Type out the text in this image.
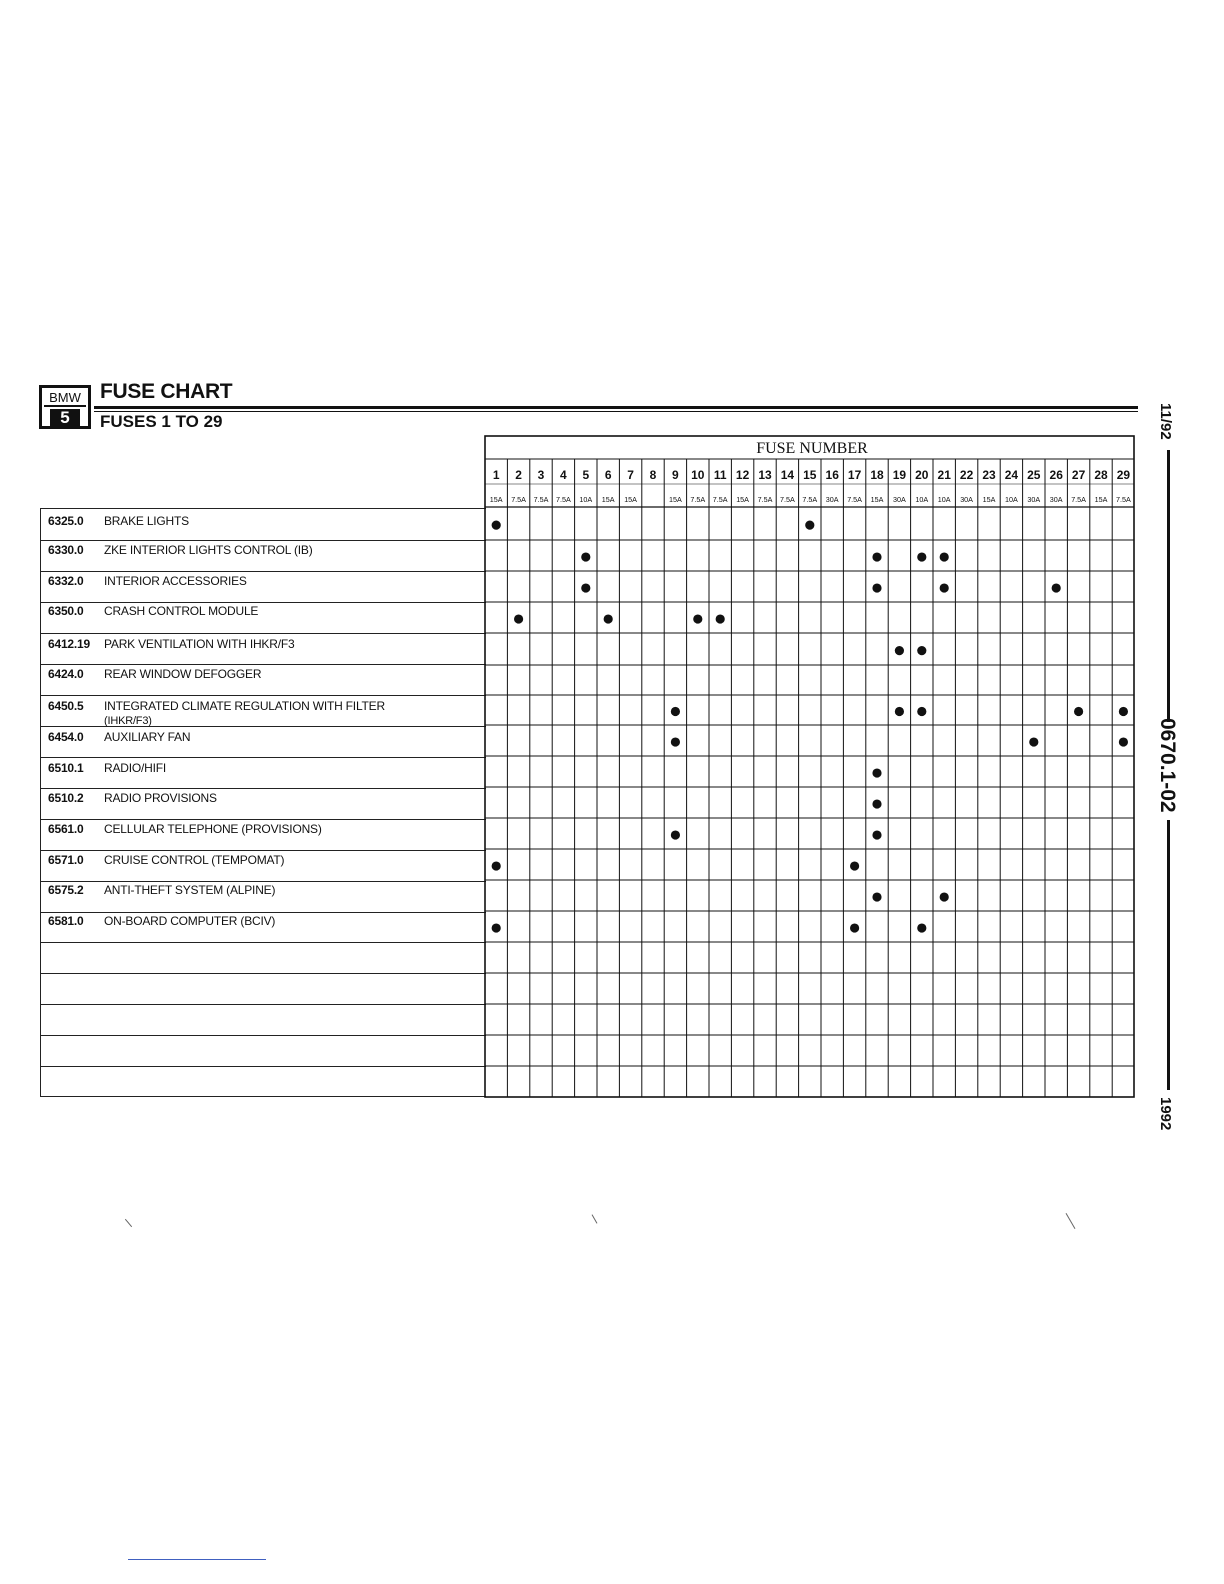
BMW
5
FUSE CHART
FUSES 1 TO 29
6325.0 BRAKE LIGHTS
6330.0 ZKE INTERIOR LIGHTS CONTROL (IB)
6332.0 INTERIOR ACCESSORIES
6350.0 CRASH CONTROL MODULE
6412.19 PARK VENTILATION WITH IHKR/F3
6424.0 REAR WINDOW DEFOGGER
6450.5 INTEGRATED CLIMATE REGULATION WITH FILTER
(IHKR/F3)
6454.0 AUXILIARY FAN
6510.1 RADIO/HIFI
6510.2 RADIO PROVISIONS
6561.0 CELLULAR TELEPHONE (PROVISIONS)
6571.0 CRUISE CONTROL (TEMPOMAT)
6575.2 ANTI-THEFT SYSTEM (ALPINE)
6581.0 ON-BOARD COMPUTER (BCIV)
FUSE NUMBER
1
15A
2
7.5A
3
7.5A
4
7.5A
5
10A
6
15A
7
15A
8 9
15A
10
7.5A
11
7.5A
12
15A
13
7.5A
14
7.5A
15
7.5A
16
30A
17
7.5A
18
15A
19
30A
20
10A
21
10A
22
30A
23
15A
24
10A
25
30A
26
30A
27
7.5A
28
15A
29
7.5A
11/92
0670.1-02
1992
